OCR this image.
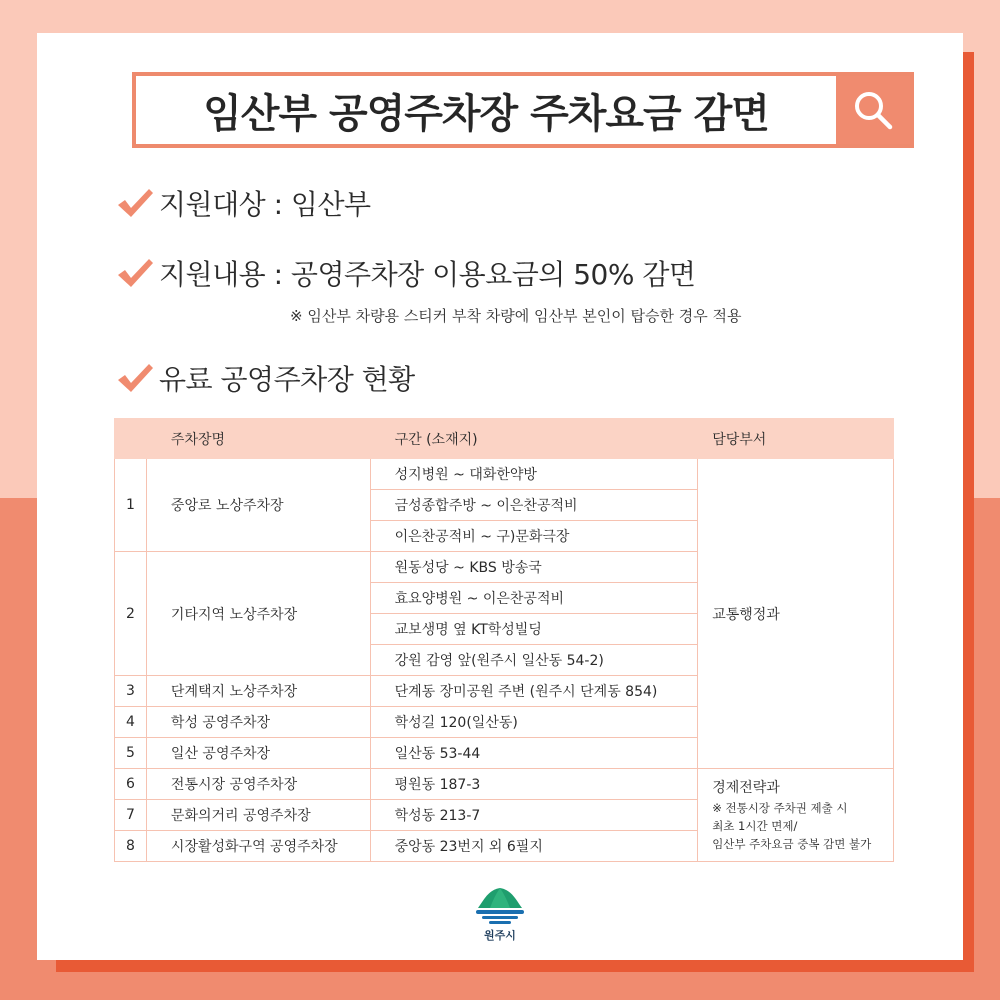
임산부 공영주차장 주차요금 감면
지원대상 : 임산부
지원내용 : 공영주차장 이용요금의 50% 감면
※ 임산부 차량용 스티커 부착 차량에 임산부 본인이 탑승한 경우 적용
유료 공영주차장 현황
	주차장명	구간 (소재지)	담당부서
1	중앙로 노상주차장	성지병원 ~ 대화한약방	교통행정과
		금성종합주방 ~ 이은찬공적비	
		이은찬공적비 ~ 구)문화극장	
2	기타지역 노상주차장	원동성당 ~ KBS 방송국	
		효요양병원 ~ 이은찬공적비	
		교보생명 옆 KT학성빌딩	
		강원 감영 앞(원주시 일산동 54-2)	
3	단계택지 노상주차장	단계동 장미공원 주변 (원주시 단계동 854)	
4	학성 공영주차장	학성길 120(일산동)	
5	일산 공영주차장	일산동 53-44	
6	전통시장 공영주차장	평원동 187-3	경제전략과
※ 전통시장 주차권 제출 시
최초 1시간 면제/
임산부 주차요금 중복 감면 불가

7	문화의거리 공영주차장	학성동 213-7	
8	시장활성화구역 공영주차장	중앙동 23번지 외 6필지	
원주시
